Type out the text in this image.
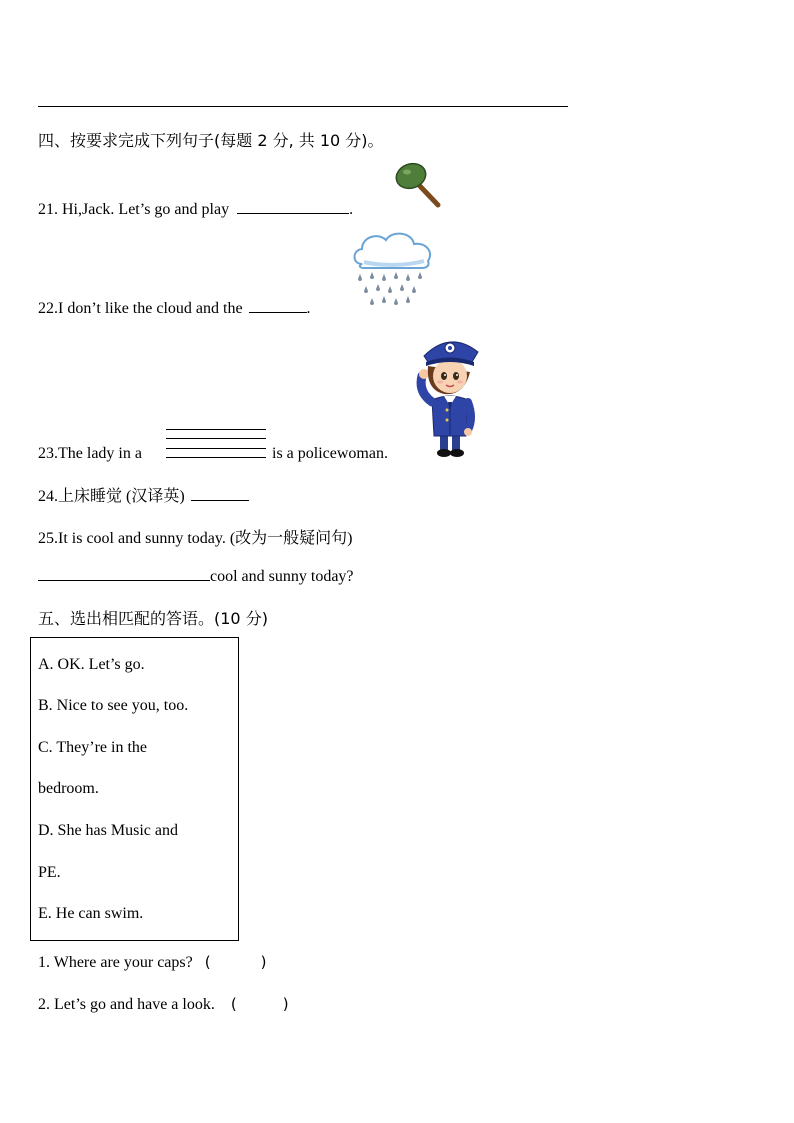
四、按要求完成下列句子(每题 2 分, 共 10 分)。
21. Hi,Jack. Let’s go and play	.
22.I don’t like the cloud and the	.
23.The lady in a	is a policewoman.
24.上床睡觉 (汉译英)
25.It is cool and sunny today. (改为一般疑问句)
cool and sunny today?
五、选出相匹配的答语。(10 分)
A. OK. Let’s go.
B. Nice to see you, too.
C. They’re in the
bedroom.
D. She has Music and
PE.
E. He can swim.
1. Where are your caps? (	)
2. Let’s go and have a look. (	)
